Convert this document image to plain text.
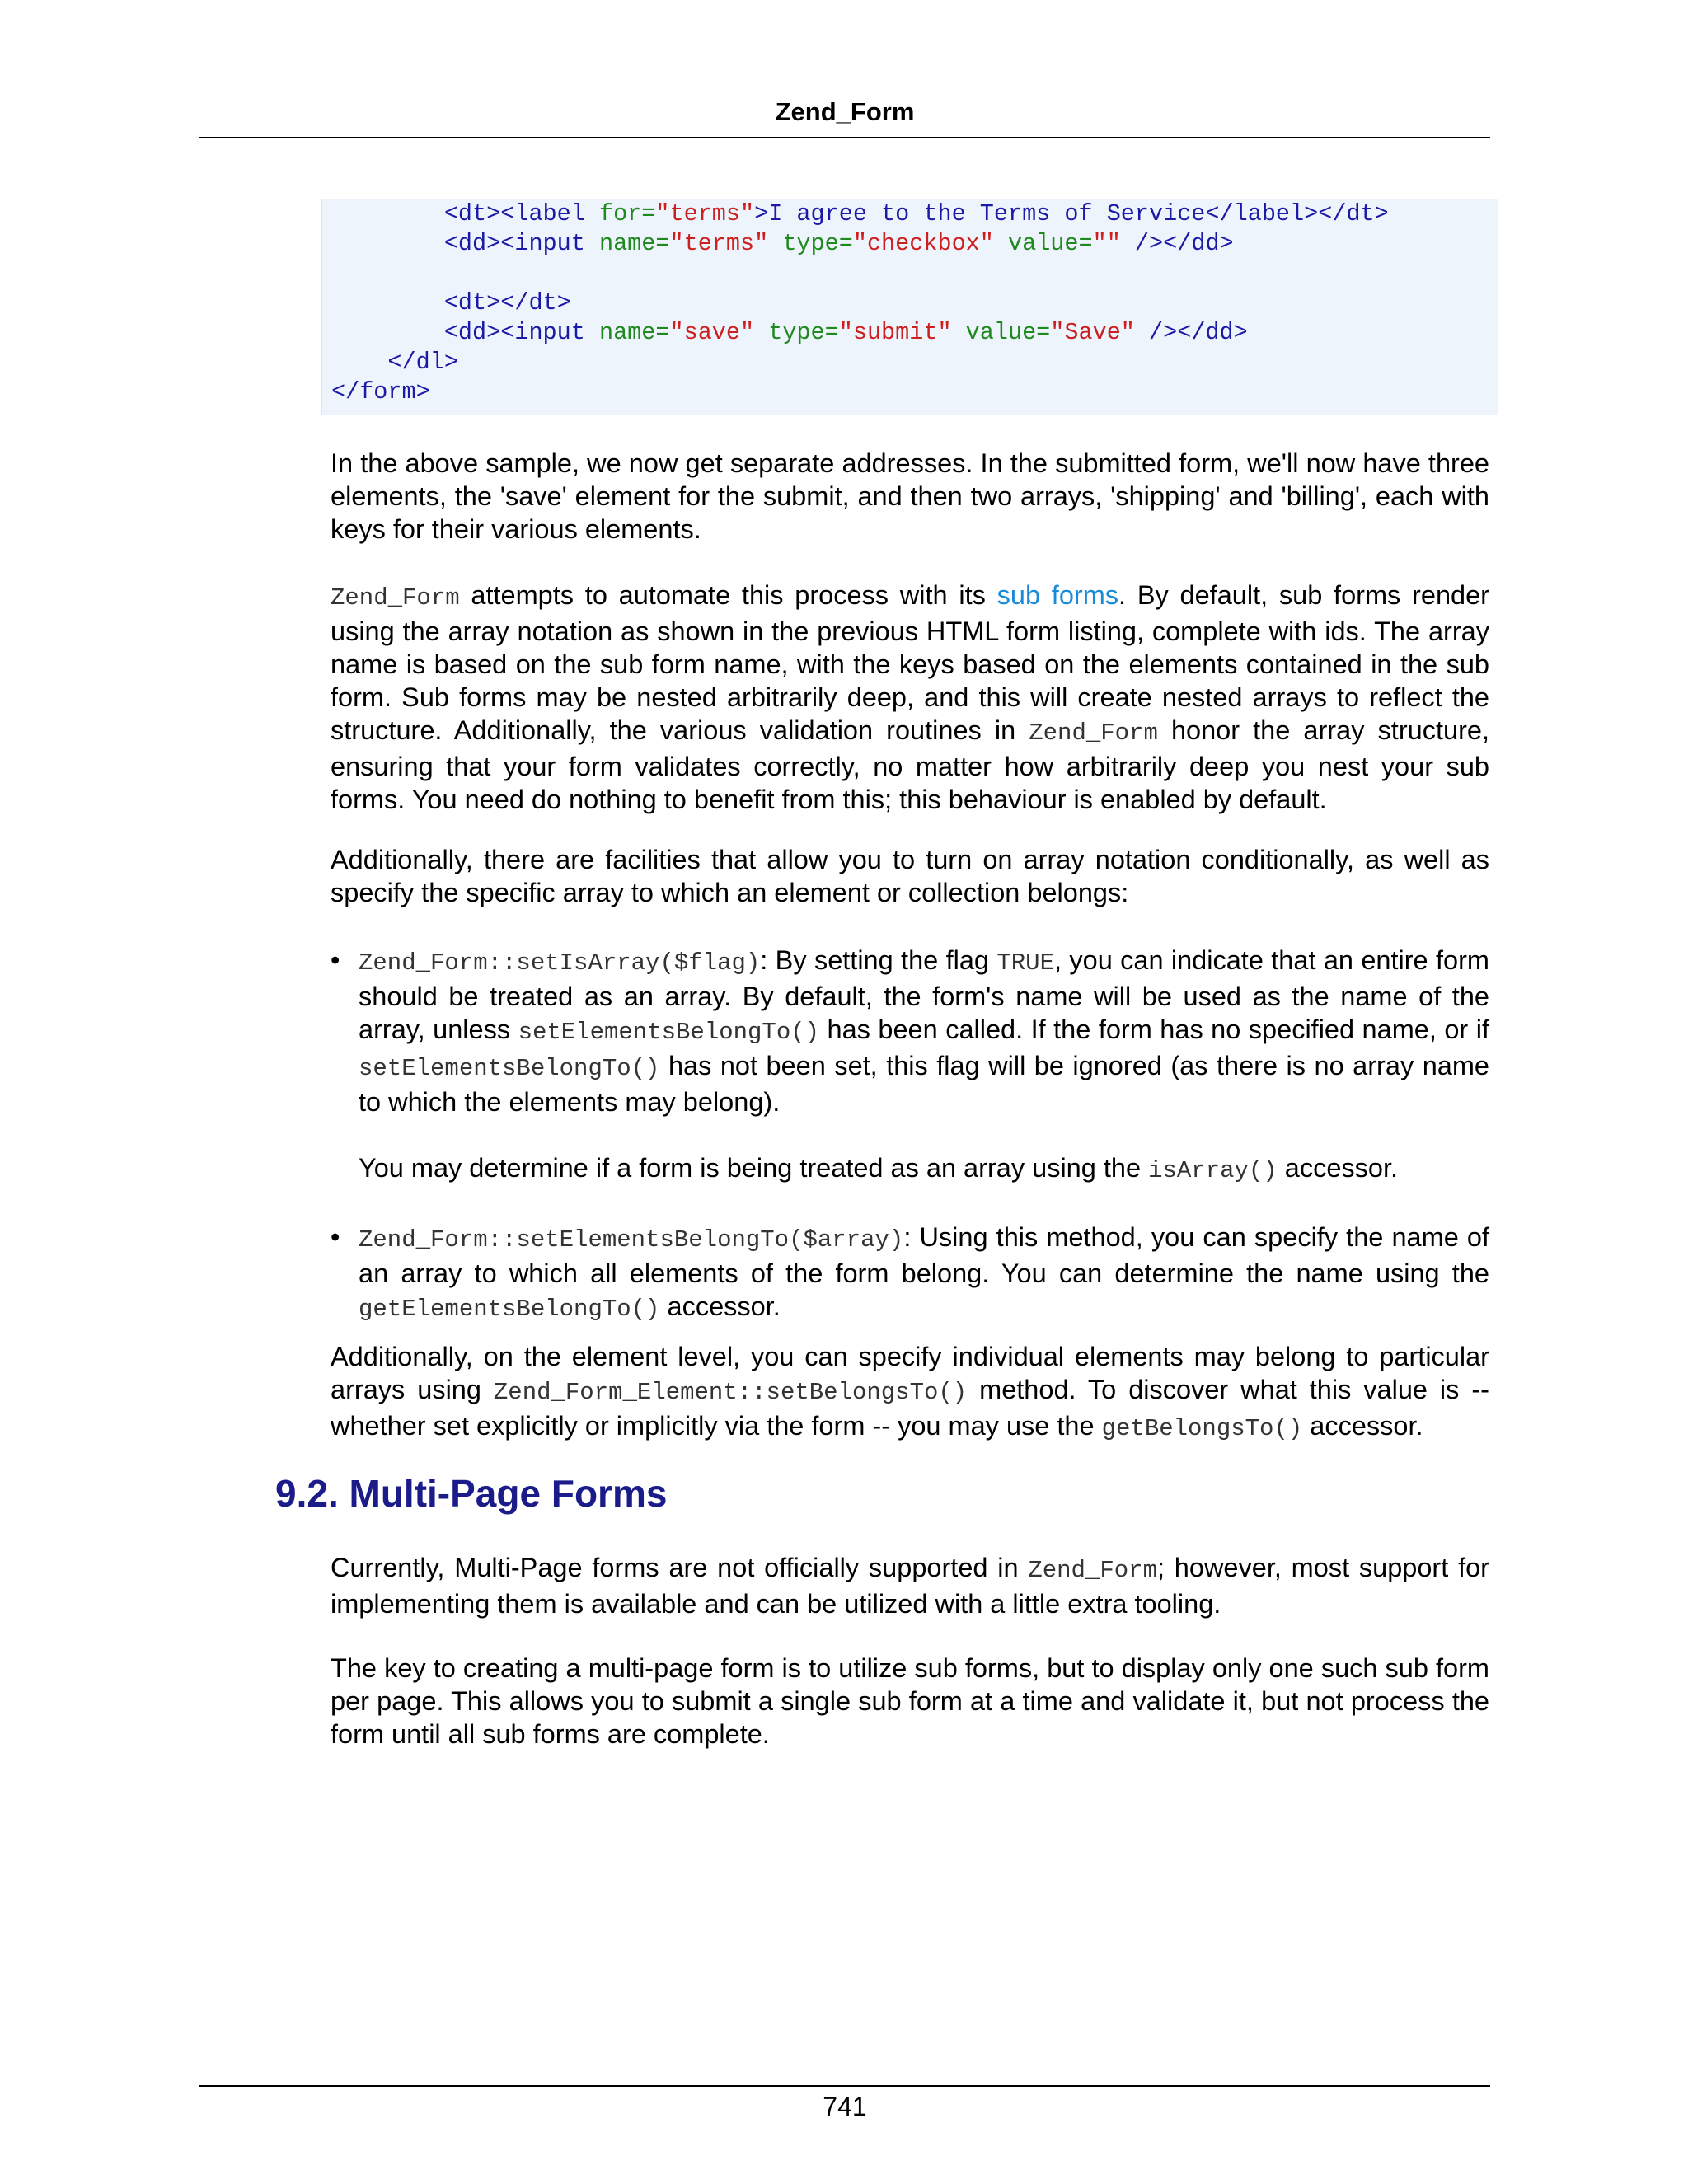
Zend_Form
<dt><label for="terms">I agree to the Terms of Service</label></dt>
<dd><input name="terms" type="checkbox" value="" /></dd>

<dt></dt>
<dd><input name="save" type="submit" value="Save" /></dd>
</dl>
</form>

In the above sample, we now get separate addresses. In the submitted form, we'll now have three elements, the 'save' element for the submit, and then two arrays, 'shipping' and 'billing', each with keys for their various elements.

Zend_Form attempts to automate this process with its sub forms. By default, sub forms render using the array notation as shown in the previous HTML form listing, complete with ids. The array name is based on the sub form name, with the keys based on the elements contained in the sub form. Sub forms may be nested arbitrarily deep, and this will create nested arrays to reflect the structure. Additionally, the various validation routines in Zend_Form honor the array structure, ensuring that your form validates correctly, no matter how arbitrarily deep you nest your sub forms. You need do nothing to benefit from this; this behaviour is enabled by default.

Additionally, there are facilities that allow you to turn on array notation conditionally, as well as specify the specific array to which an element or collection belongs:

• Zend_Form::setIsArray($flag): By setting the flag TRUE, you can indicate that an entire form should be treated as an array. By default, the form's name will be used as the name of the array, unless setElementsBelongTo() has been called. If the form has no specified name, or if setElementsBelongTo() has not been set, this flag will be ignored (as there is no array name to which the elements may belong).
You may determine if a form is being treated as an array using the isArray() accessor.
• Zend_Form::setElementsBelongTo($array): Using this method, you can specify the name of an array to which all elements of the form belong. You can determine the name using the getElementsBelongTo() accessor.

Additionally, on the element level, you can specify individual elements may belong to particular arrays using Zend_Form_Element::setBelongsTo() method. To discover what this value is -- whether set explicitly or implicitly via the form -- you may use the getBelongsTo() accessor.

9.2. Multi-Page Forms

Currently, Multi-Page forms are not officially supported in Zend_Form; however, most support for implementing them is available and can be utilized with a little extra tooling.

The key to creating a multi-page form is to utilize sub forms, but to display only one such sub form per page. This allows you to submit a single sub form at a time and validate it, but not process the form until all sub forms are complete.

741
